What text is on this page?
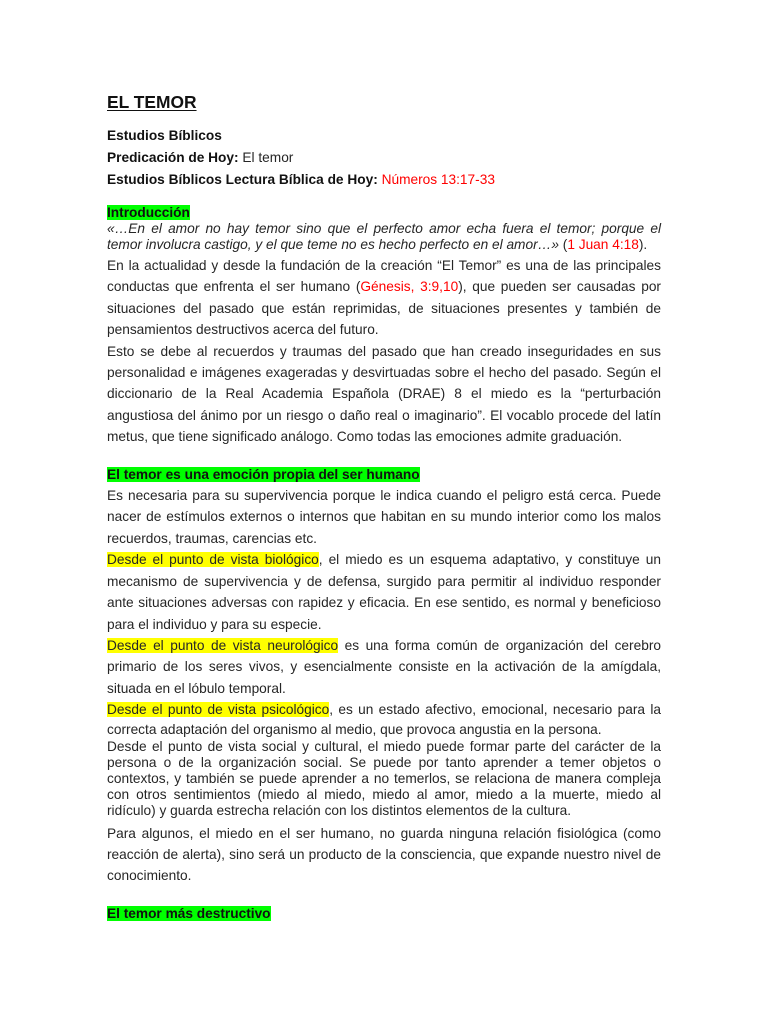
EL TEMOR
Estudios Bíblicos
Predicación de Hoy: El temor
Estudios Bíblicos Lectura Bíblica de Hoy: Números 13:17-33
Introducción
«…En el amor no hay temor sino que el perfecto amor echa fuera el temor; porque el
temor involucra castigo, y el que teme no es hecho perfecto en el amor…» (1 Juan 4:18).
En la actualidad y desde la fundación de la creación “El Temor” es una de las principales
conductas que enfrenta el ser humano (Génesis, 3:9,10), que pueden ser causadas por
situaciones del pasado que están reprimidas, de situaciones presentes y también de
pensamientos destructivos acerca del futuro.
Esto se debe al recuerdos y traumas del pasado que han creado inseguridades en sus
personalidad e imágenes exageradas y desvirtuadas sobre el hecho del pasado. Según el
diccionario de la Real Academia Española (DRAE) 8 el miedo es la “perturbación
angustiosa del ánimo por un riesgo o daño real o imaginario”. El vocablo procede del latín
metus, que tiene significado análogo. Como todas las emociones admite graduación.
El temor es una emoción propia del ser humano
Es necesaria para su supervivencia porque le indica cuando el peligro está cerca. Puede
nacer de estímulos externos o internos que habitan en su mundo interior como los malos
recuerdos, traumas, carencias etc.
Desde el punto de vista biológico, el miedo es un esquema adaptativo, y constituye un
mecanismo de supervivencia y de defensa, surgido para permitir al individuo responder
ante situaciones adversas con rapidez y eficacia. En ese sentido, es normal y beneficioso
para el individuo y para su especie.
Desde el punto de vista neurológico es una forma común de organización del cerebro
primario de los seres vivos, y esencialmente consiste en la activación de la amígdala,
situada en el lóbulo temporal.
Desde el punto de vista psicológico, es un estado afectivo, emocional, necesario para la
correcta adaptación del organismo al medio, que provoca angustia en la persona.
Desde el punto de vista social y cultural, el miedo puede formar parte del carácter de la
persona o de la organización social. Se puede por tanto aprender a temer objetos o
contextos, y también se puede aprender a no temerlos, se relaciona de manera compleja
con otros sentimientos (miedo al miedo, miedo al amor, miedo a la muerte, miedo al
ridículo) y guarda estrecha relación con los distintos elementos de la cultura.
Para algunos, el miedo en el ser humano, no guarda ninguna relación fisiológica (como
reacción de alerta), sino será un producto de la consciencia, que expande nuestro nivel de
conocimiento.
El temor más destructivo
